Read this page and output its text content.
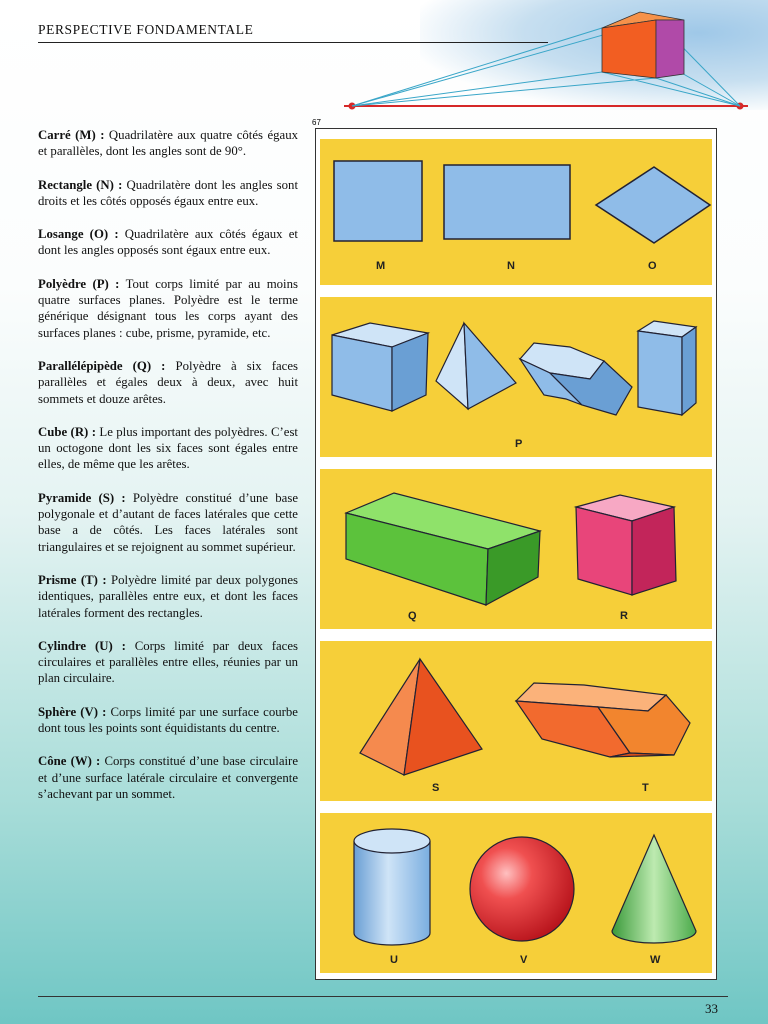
PERSPECTIVE FONDAMENTALE
67

Carré (M) : Quadrilatère aux quatre côtés égaux et parallèles, dont les angles sont de 90°.

Rectangle (N) : Quadrilatère dont les angles sont droits et les côtés opposés égaux entre eux.

Losange (O) : Quadrilatère aux côtés égaux et dont les angles opposés sont égaux entre eux.

Polyèdre (P) : Tout corps limité par au moins quatre surfaces planes. Polyèdre est le terme générique désignant tous les corps ayant des surfaces planes : cube, prisme, pyramide, etc.

Parallélépipède (Q) : Polyèdre à six faces parallèles et égales deux à deux, avec huit sommets et douze arêtes.

Cube (R) : Le plus important des polyèdres. C’est un octogone dont les six faces sont égales entre elles, de même que les arêtes.

Pyramide (S) : Polyèdre constitué d’une base polygonale et d’autant de faces latérales que cette base a de côtés. Les faces latérales sont triangulaires et se rejoignent au sommet supérieur.

Prisme (T) : Polyèdre limité par deux polygones identiques, parallèles entre eux, et dont les faces latérales forment des rectangles.

Cylindre (U) : Corps limité par deux faces circulaires et parallèles entre elles, réunies par un plan circulaire.

Sphère (V) : Corps limité par une surface courbe dont tous les points sont équidistants du centre.

Cône (W) : Corps constitué d’une base circulaire et d’une surface latérale circulaire et convergente s’achevant par un sommet.

M	N	O
P
Q	R
S	T
U	V	W
33
